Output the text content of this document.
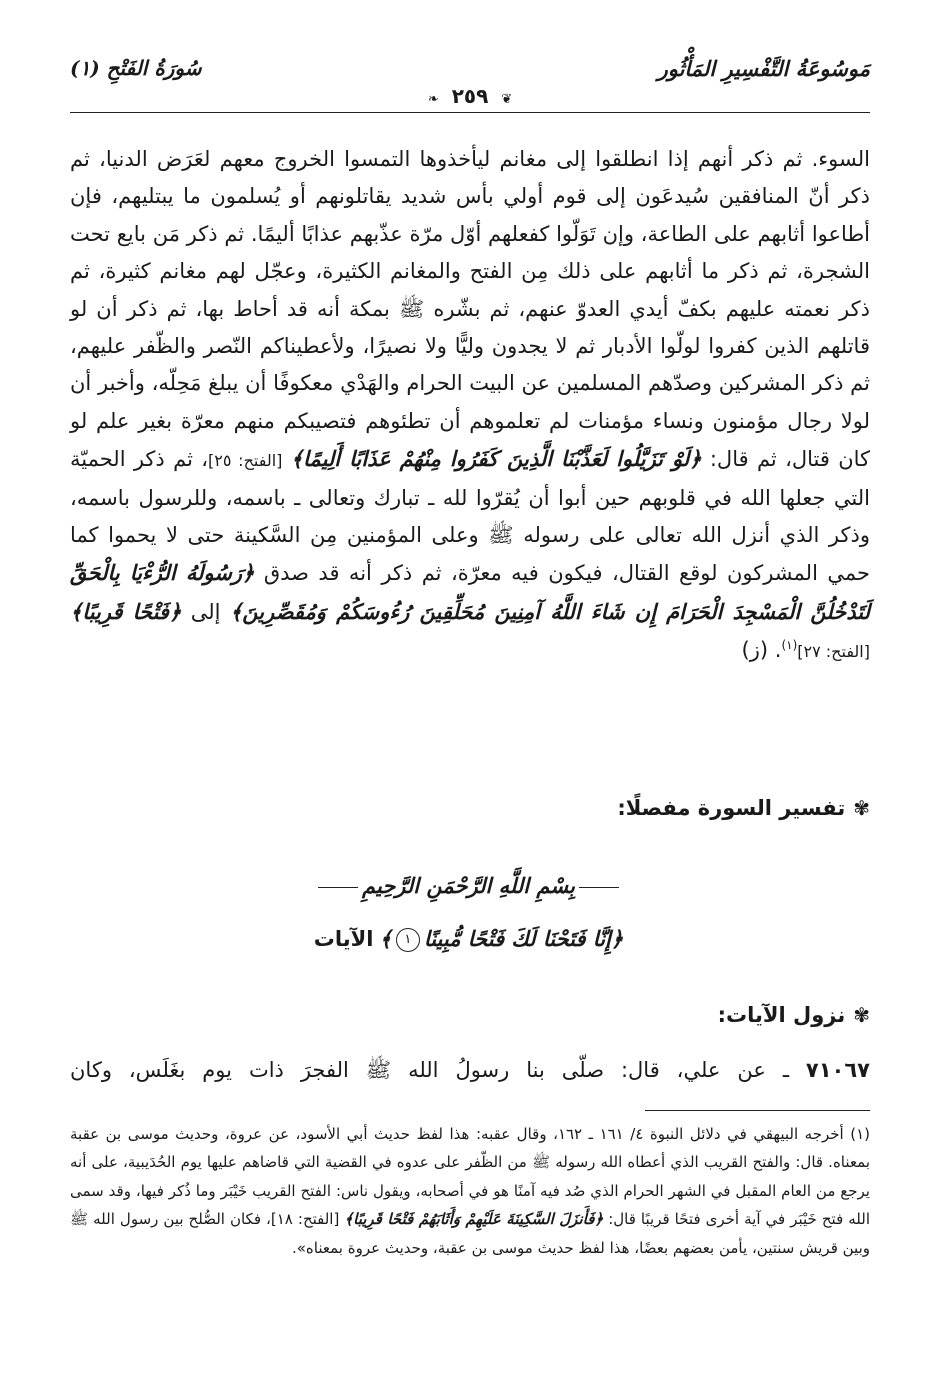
مَوسُوعَةُ التَّفْسِيرِ المَأْثُور
❦ ٢٥٩ ❧
سُورَةُ الفَتْحِ (١)

السوء. ثم ذكر أنهم إذا انطلقوا إلى مغانم ليأخذوها التمسوا الخروج معهم لعَرَض الدنيا، ثم ذكر أنّ المنافقين سُيدعَون إلى قوم أولي بأس شديد يقاتلونهم أو يُسلمون ما يبتليهم، فإن أطاعوا أثابهم على الطاعة، وإن تَوَلّوا كفعلهم أوّل مرّة عذّبهم عذابًا أليمًا. ثم ذكر مَن بايع تحت الشجرة، ثم ذكر ما أثابهم على ذلك مِن الفتح والمغانم الكثيرة، وعجّل لهم مغانم كثيرة، ثم ذكر نعمته عليهم بكفّ أيدي العدوّ عنهم، ثم بشّره ﷺ بمكة أنه قد أحاط بها، ثم ذكر أن لو قاتلهم الذين كفروا لولّوا الأدبار ثم لا يجدون وليًّا ولا نصيرًا، ولأعطيناكم النّصر والظّفر عليهم، ثم ذكر المشركين وصدّهم المسلمين عن البيت الحرام والهَدْي معكوفًا أن يبلغ مَحِلّه، وأخبر أن لولا رجال مؤمنون ونساء مؤمنات لم تعلموهم أن تطئوهم فتصيبكم منهم معرّة بغير علم لو كان قتال، ثم قال: ﴿لَوْ تَزَيَّلُوا لَعَذَّبْنَا الَّذِينَ كَفَرُوا مِنْهُمْ عَذَابًا أَلِيمًا﴾ [الفتح: ٢٥]، ثم ذكر الحميّة التي جعلها الله في قلوبهم حين أبوا أن يُقرّوا لله ـ تبارك وتعالى ـ باسمه، وللرسول باسمه، وذكر الذي أنزل الله تعالى على رسوله ﷺ وعلى المؤمنين مِن السَّكينة حتى لا يحموا كما حمي المشركون لوقع القتال، فيكون فيه معرّة، ثم ذكر أنه قد صدق ﴿رَسُولَهُ الرُّءْيَا بِالْحَقِّ لَتَدْخُلُنَّ الْمَسْجِدَ الْحَرَامَ إِن شَاءَ اللَّهُ آمِنِينَ مُحَلِّقِينَ رُءُوسَكُمْ وَمُقَصِّرِينَ﴾ إلى ﴿فَتْحًا قَرِيبًا﴾ [الفتح: ٢٧]$^{(١)}$. (ز)

✾تفسير السورة مفصلًا:
بِسْمِ اللَّهِ الرَّحْمَنِ الرَّحِيمِ
﴿إِنَّا فَتَحْنَا لَكَ فَتْحًا مُّبِينًا١﴾الآيات
✾نزول الآيات:
٧١٠٦٧ ـ عن علي، قال: صلّى بنا رسولُ الله ﷺ الفجرَ ذات يوم بغَلَس، وكان

(١) أخرجه البيهقي في دلائل النبوة ٤/ ١٦١ ـ ١٦٢، وقال عقبه: هذا لفظ حديث أبي الأسود، عن عروة، وحديث موسى بن عقبة بمعناه. قال: والفتح القريب الذي أعطاه الله رسوله ﷺ من الظّفر على عدوه في القضية التي قاضاهم عليها يوم الحُدَيبية، على أنه يرجع من العام المقبل في الشهر الحرام الذي صُد فيه آمنًا هو في أصحابه، ويقول ناس: الفتح القريب خَيْبَر وما ذُكر فيها، وقد سمى الله فتح خَيْبَر في آية أخرى فتحًا قريبًا قال: ﴿فَأَنزَلَ السَّكِينَةَ عَلَيْهِمْ وَأَثَابَهُمْ فَتْحًا قَرِيبًا﴾ [الفتح: ١٨]، فكان الصُّلح بين رسول الله ﷺ وبين قريش سنتين، يأمن بعضهم بعضًا، هذا لفظ حديث موسى بن عقبة، وحديث عروة بمعناه».
